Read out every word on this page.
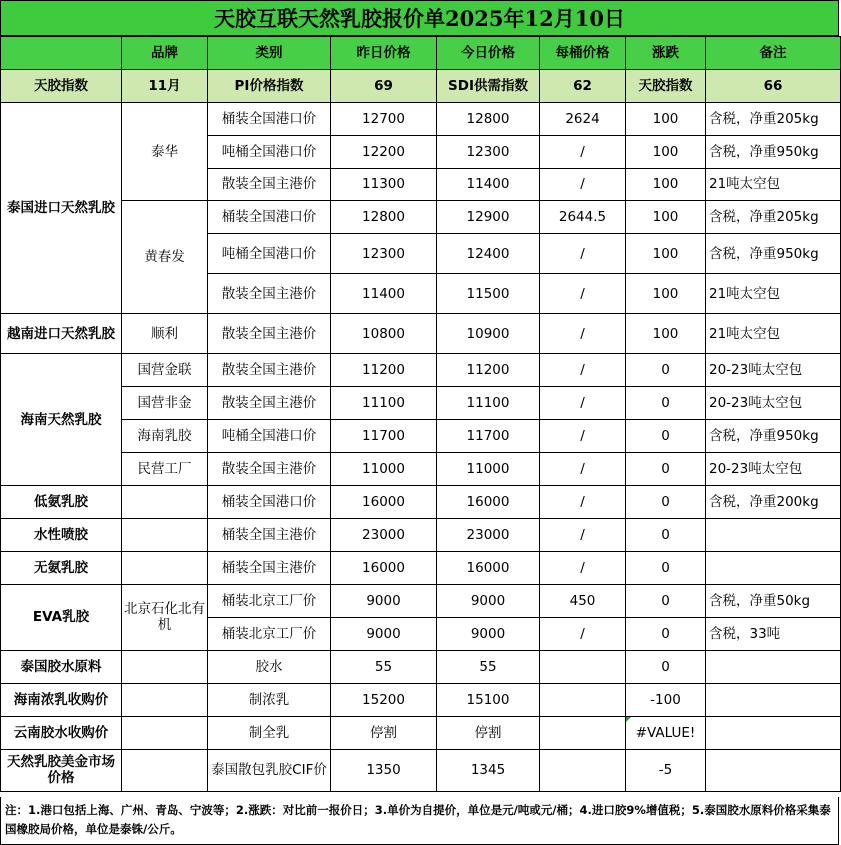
天胶互联天然乳胶报价单2025年12月10日
	品牌	类别	昨日价格	今日价格	每桶价格	涨跌	备注
天胶指数	11月	PI价格指数	69	SDI供需指数	62	天胶指数	66
泰国进口天然乳胶	泰华	桶装全国港口价	12700	12800	2624	100	含税，净重205kg
		吨桶全国港口价	12200	12300	/	100	含税，净重950kg
		散装全国主港价	11300	11400	/	100	21吨太空包
	黄春发	桶装全国港口价	12800	12900	2644.5	100	含税，净重205kg
		吨桶全国港口价	12300	12400	/	100	含税，净重950kg
		散装全国主港价	11400	11500	/	100	21吨太空包
越南进口天然乳胶	顺利	散装全国主港价	10800	10900	/	100	21吨太空包
海南天然乳胶	国营金联	散装全国主港价	11200	11200	/	0	20-23吨太空包
	国营非金	散装全国主港价	11100	11100	/	0	20-23吨太空包
	海南乳胶	吨桶全国港口价	11700	11700	/	0	含税，净重950kg
	民营工厂	散装全国主港价	11000	11000	/	0	20-23吨太空包
低氨乳胶		桶装全国港口价	16000	16000	/	0	含税，净重200kg
水性喷胶		桶装全国主港价	23000	23000	/	0	
无氨乳胶		桶装全国主港价	16000	16000	/	0	
EVA乳胶	北京石化北有机	桶装北京工厂价	9000	9000	450	0	含税，净重50kg
		桶装北京工厂价	9000	9000	/	0	含税，33吨
泰国胶水原料		胶水	55	55		0	
海南浓乳收购价		制浓乳	15200	15100		-100	
云南胶水收购价		制全乳	停割	停割		#VALUE!	
天然乳胶美金市场价格		泰国散包乳胶CIF价	1350	1345		-5	
注：1.港口包括上海、广州、青岛、宁波等；2.涨跌：对比前一报价日；3.单价为自提价，单位是元/吨或元/桶；4.进口胶9%增值税；5.泰国胶水原料价格采集泰国橡胶局价格，单位是泰铢/公斤。
